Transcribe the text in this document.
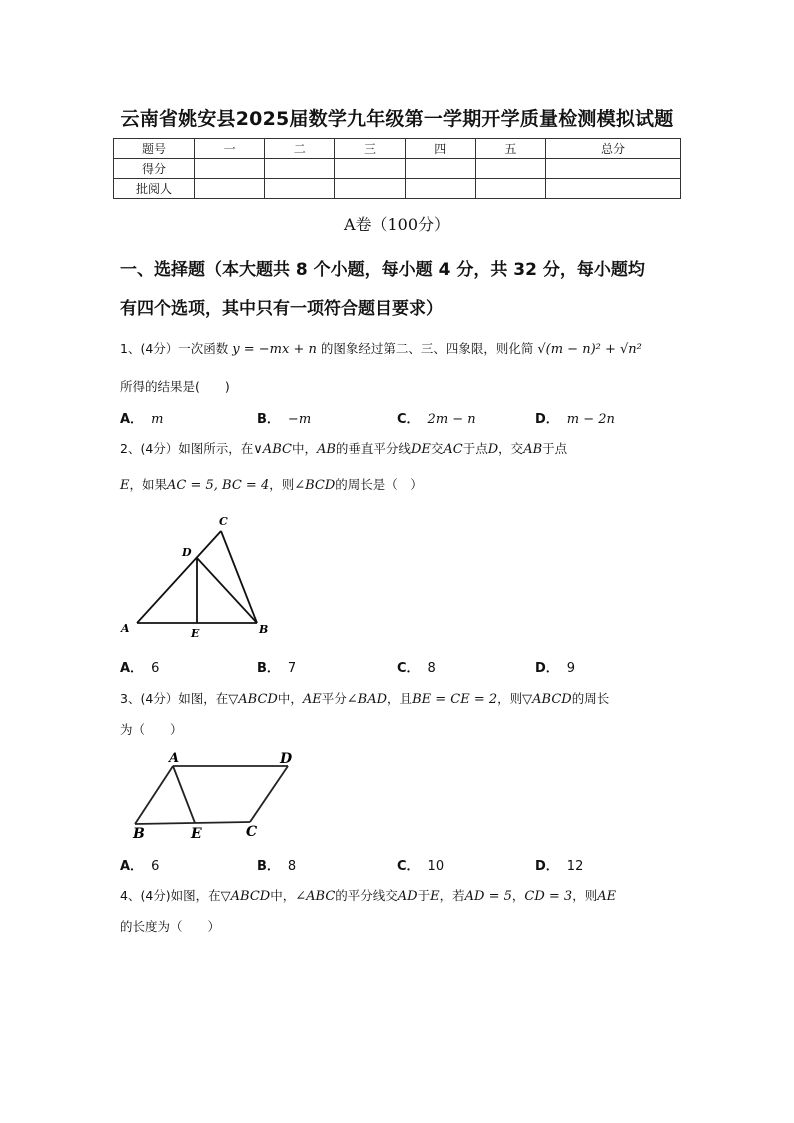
云南省姚安县2025届数学九年级第一学期开学质量检测模拟试题
题号	一	二	三	四	五	总分
得分						
批阅人						
A卷（100分）
一、选择题（本大题共 8 个小题，每小题 4 分，共 32 分，每小题均
有四个选项，其中只有一项符合题目要求）
1、(4分）一次函数 y = −mx + n 的图象经过第二、三、四象限，则化简 √(m − n)² + √n²
所得的结果是(　　)
A． m	B． −m	C． 2m − n	D． m − 2n
2、(4分）如图所示，在∨ABC中，AB的垂直平分线DE交AC于点D，交AB于点
E，如果AC = 5, BC = 4，则∠BCD的周长是（　）
A	B
C
D
E
A． 6	B． 7	C． 8	D． 9
3、(4分）如图，在▽ABCD中，AE平分∠BAD，且BE = CE = 2，则▽ABCD的周长
为（　　）
A	D
B	E	C
A． 6	B． 8	C． 10	D． 12
4、(4分)如图，在▽ABCD中，∠ABC的平分线交AD于E，若AD = 5，CD = 3，则AE
的长度为（　　）
